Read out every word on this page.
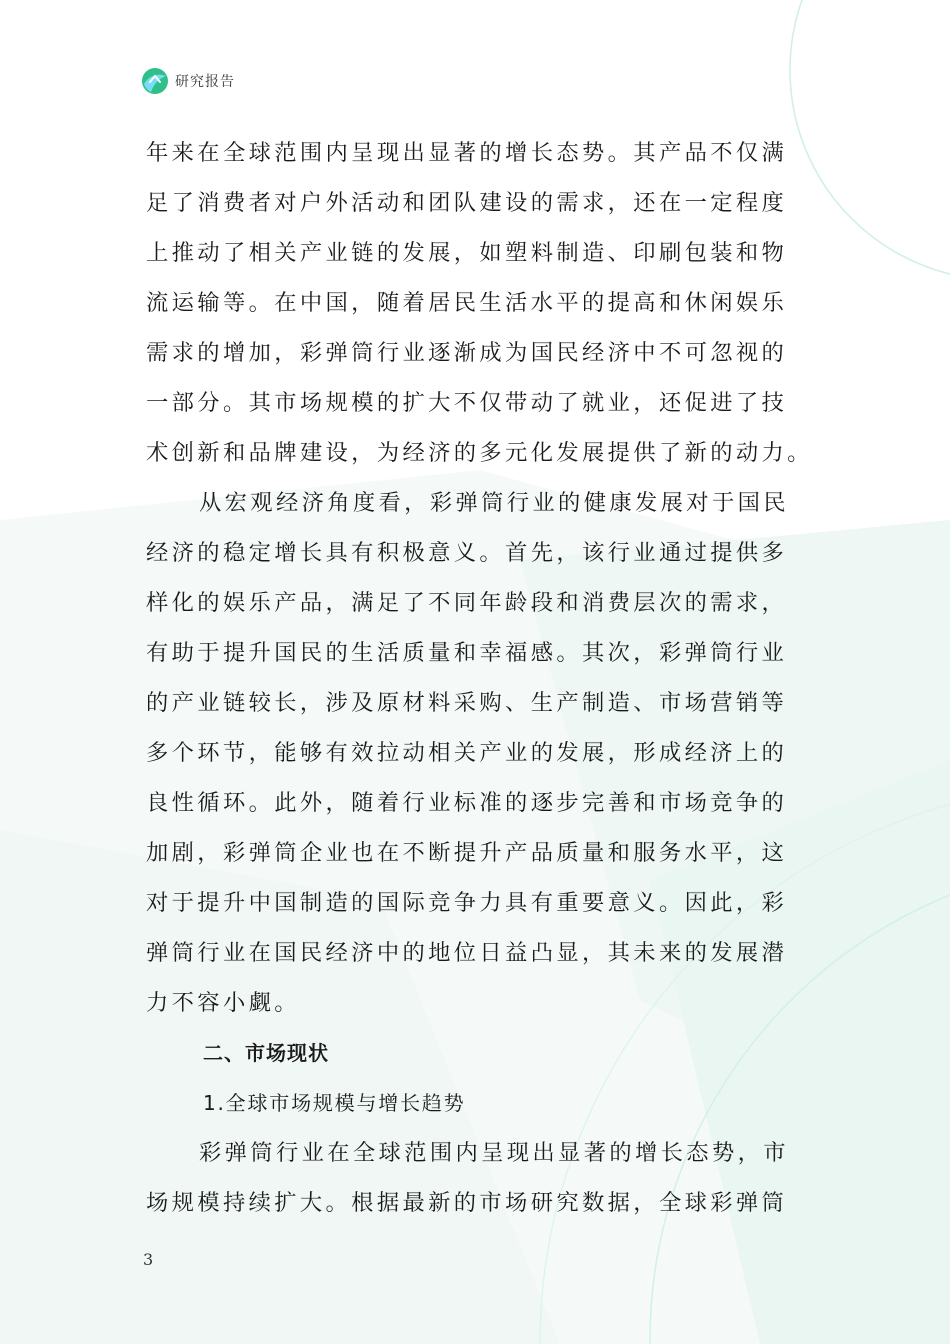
研究报告

年来在全球范围内呈现出显著的增长态势。其产品不仅满

足了消费者对户外活动和团队建设的需求，还在一定程度

上推动了相关产业链的发展，如塑料制造、印刷包装和物

流运输等。在中国，随着居民生活水平的提高和休闲娱乐

需求的增加，彩弹筒行业逐渐成为国民经济中不可忽视的

一部分。其市场规模的扩大不仅带动了就业，还促进了技

术创新和品牌建设，为经济的多元化发展提供了新的动力。

从宏观经济角度看，彩弹筒行业的健康发展对于国民

经济的稳定增长具有积极意义。首先，该行业通过提供多

样化的娱乐产品，满足了不同年龄段和消费层次的需求，

有助于提升国民的生活质量和幸福感。其次，彩弹筒行业

的产业链较长，涉及原材料采购、生产制造、市场营销等

多个环节，能够有效拉动相关产业的发展，形成经济上的

良性循环。此外，随着行业标准的逐步完善和市场竞争的

加剧，彩弹筒企业也在不断提升产品质量和服务水平，这

对于提升中国制造的国际竞争力具有重要意义。因此，彩

弹筒行业在国民经济中的地位日益凸显，其未来的发展潜

力不容小觑。

二、市场现状
1.全球市场规模与增长趋势

彩弹筒行业在全球范围内呈现出显著的增长态势，市

场规模持续扩大。根据最新的市场研究数据，全球彩弹筒

3
